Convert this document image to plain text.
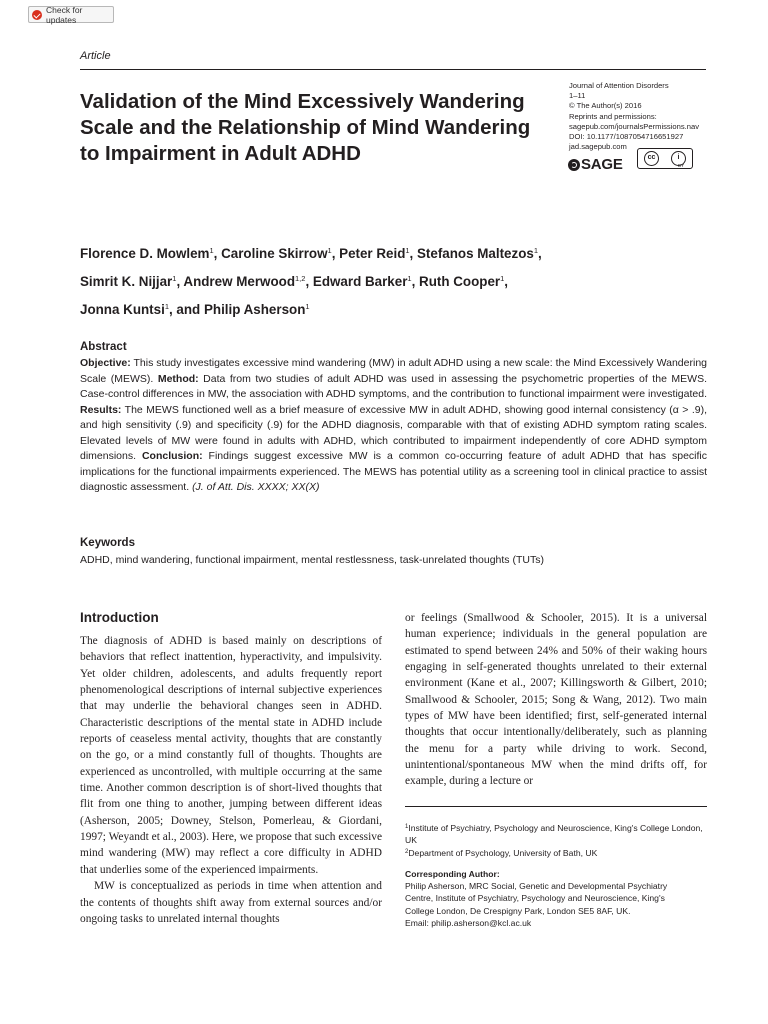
Check for updates
Article
Validation of the Mind Excessively Wandering Scale and the Relationship of Mind Wandering to Impairment in Adult ADHD
Journal of Attention Disorders
1–11
© The Author(s) 2016
Reprints and permissions:
sagepub.com/journalsPermissions.nav
DOI: 10.1177/1087054716651927
jad.sagepub.com
SAGE	cc	i
BY
Florence D. Mowlem$^1$, Caroline Skirrow$^1$, Peter Reid$^1$, Stefanos Maltezos$^1$,
Simrit K. Nijjar$^1$, Andrew Merwood$^{1,2}$, Edward Barker$^1$, Ruth Cooper$^1$,
Jonna Kuntsi$^1$, and Philip Asherson$^1$
Abstract
Objective: This study investigates excessive mind wandering (MW) in adult ADHD using a new scale: the Mind Excessively Wandering Scale (MEWS). Method: Data from two studies of adult ADHD was used in assessing the psychometric properties of the MEWS. Case-control differences in MW, the association with ADHD symptoms, and the contribution to functional impairment were investigated. Results: The MEWS functioned well as a brief measure of excessive MW in adult ADHD, showing good internal consistency (α > .9), and high sensitivity (.9) and specificity (.9) for the ADHD diagnosis, comparable with that of existing ADHD symptom rating scales. Elevated levels of MW were found in adults with ADHD, which contributed to impairment independently of core ADHD symptom dimensions. Conclusion: Findings suggest excessive MW is a common co-occurring feature of adult ADHD that has specific implications for the functional impairments experienced. The MEWS has potential utility as a screening tool in clinical practice to assist diagnostic assessment. (J. of Att. Dis. XXXX; XX(X)
Keywords
ADHD, mind wandering, functional impairment, mental restlessness, task-unrelated thoughts (TUTs)
Introduction

The diagnosis of ADHD is based mainly on descriptions of behaviors that reflect inattention, hyperactivity, and impulsivity. Yet older children, adolescents, and adults frequently report phenomenological descriptions of internal subjective experiences that may underlie the behavioral changes seen in ADHD. Characteristic descriptions of the mental state in ADHD include reports of ceaseless mental activity, thoughts that are constantly on the go, or a mind constantly full of thoughts. Thoughts are experienced as uncontrolled, with multiple occurring at the same time. Another common description is of short-lived thoughts that flit from one thing to another, jumping between different ideas (Asherson, 2005; Downey, Stelson, Pomerleau, & Giordani, 1997; Weyandt et al., 2003). Here, we propose that such excessive mind wandering (MW) may reflect a core difficulty in ADHD that underlies some of the experienced impairments.

MW is conceptualized as periods in time when attention and the contents of thoughts shift away from external sources and/or ongoing tasks to unrelated internal thoughts

or feelings (Smallwood & Schooler, 2015). It is a universal human experience; individuals in the general population are estimated to spend between 24% and 50% of their waking hours engaging in self-generated thoughts unrelated to their external environment (Kane et al., 2007; Killingsworth & Gilbert, 2010; Smallwood & Schooler, 2015; Song & Wang, 2012). Two main types of MW have been identified; first, self-generated internal thoughts that occur intentionally/deliberately, such as planning the menu for a party while driving to work. Second, unintentional/spontaneous MW when the mind drifts off, for example, during a lecture or

$^1$Institute of Psychiatry, Psychology and Neuroscience, King's College London, UK
$^2$Department of Psychology, University of Bath, UK
Corresponding Author:
Philip Asherson, MRC Social, Genetic and Developmental Psychiatry
Centre, Institute of Psychiatry, Psychology and Neuroscience, King's
College London, De Crespigny Park, London SE5 8AF, UK.
Email: philip.asherson@kcl.ac.uk
